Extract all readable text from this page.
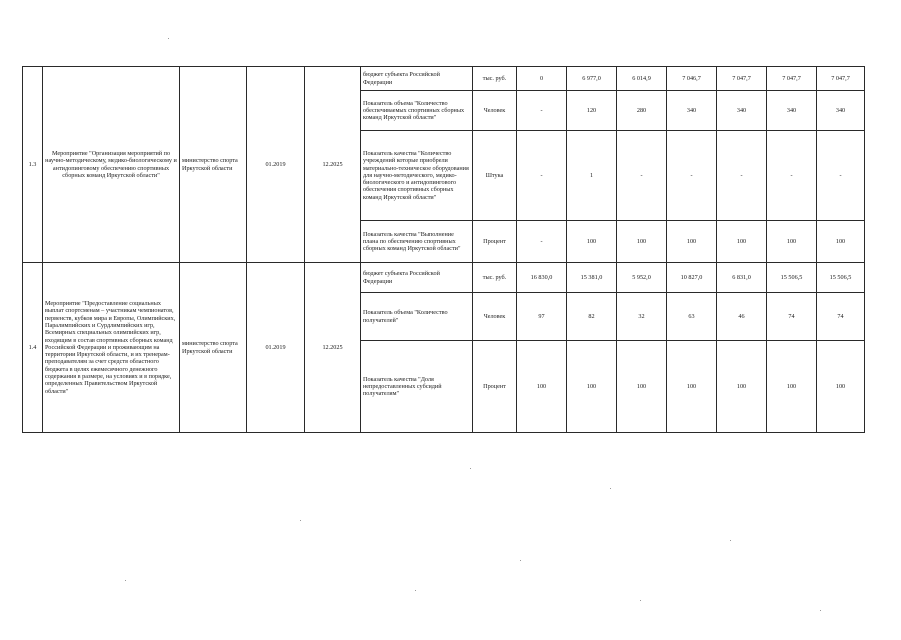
1.3	Мероприятие "Организация мероприятий по научно-методическому, медико-биологическому и антидопинговому обеспечению спортивных сборных команд Иркутской области"	министерство спорта Иркутской области	01.2019	12.2025	бюджет субъекта Российской Федерации	тыс. руб.	0	6 977,0	6 014,9	7 046,7	7 047,7	7 047,7	7 047,7
					Показатель объема "Количество обеспечиваемых спортивных сборных команд Иркутской области"	Человек	-	120	280	340	340	340	340
					Показатель качества "Количество учреждений которые приобрели материально-техническое оборудования для научно-методического, медико-биологического и антидопингового обеспечения спортивных сборных команд Иркутской области"	Штука	-	1	-	-	-	-	-
					Показатель качества "Выполнение плана по обеспечению спортивных сборных команд Иркутской области"	Процент	-	100	100	100	100	100	100
1.4	Мероприятие "Предоставление социальных выплат спортсменам – участникам чемпионатов, первенств, кубков мира и Европы, Олимпийских, Паралимпийских и Сурдлимпийских игр, Всемирных специальных олимпийских игр, входящим в состав спортивных сборных команд Российской Федерации и проживающим на территории Иркутской области, и их тренерам-преподавателям за счет средств областного бюджета в целях ежемесячного денежного содержания в размере, на условиях и в порядке, определенных Правительством Иркутской области"	министерство спорта Иркутской области	01.2019	12.2025	бюджет субъекта Российской Федерации	тыс. руб.	16 830,0	15 381,0	5 952,0	10 827,0	6 831,0	15 506,5	15 506,5
					Показатель объема "Количество получателей"	Человек	97	82	32	63	46	74	74
					Показатель качества "Доля непредоставленных субсидий получателям"	Процент	100	100	100	100	100	100	100
